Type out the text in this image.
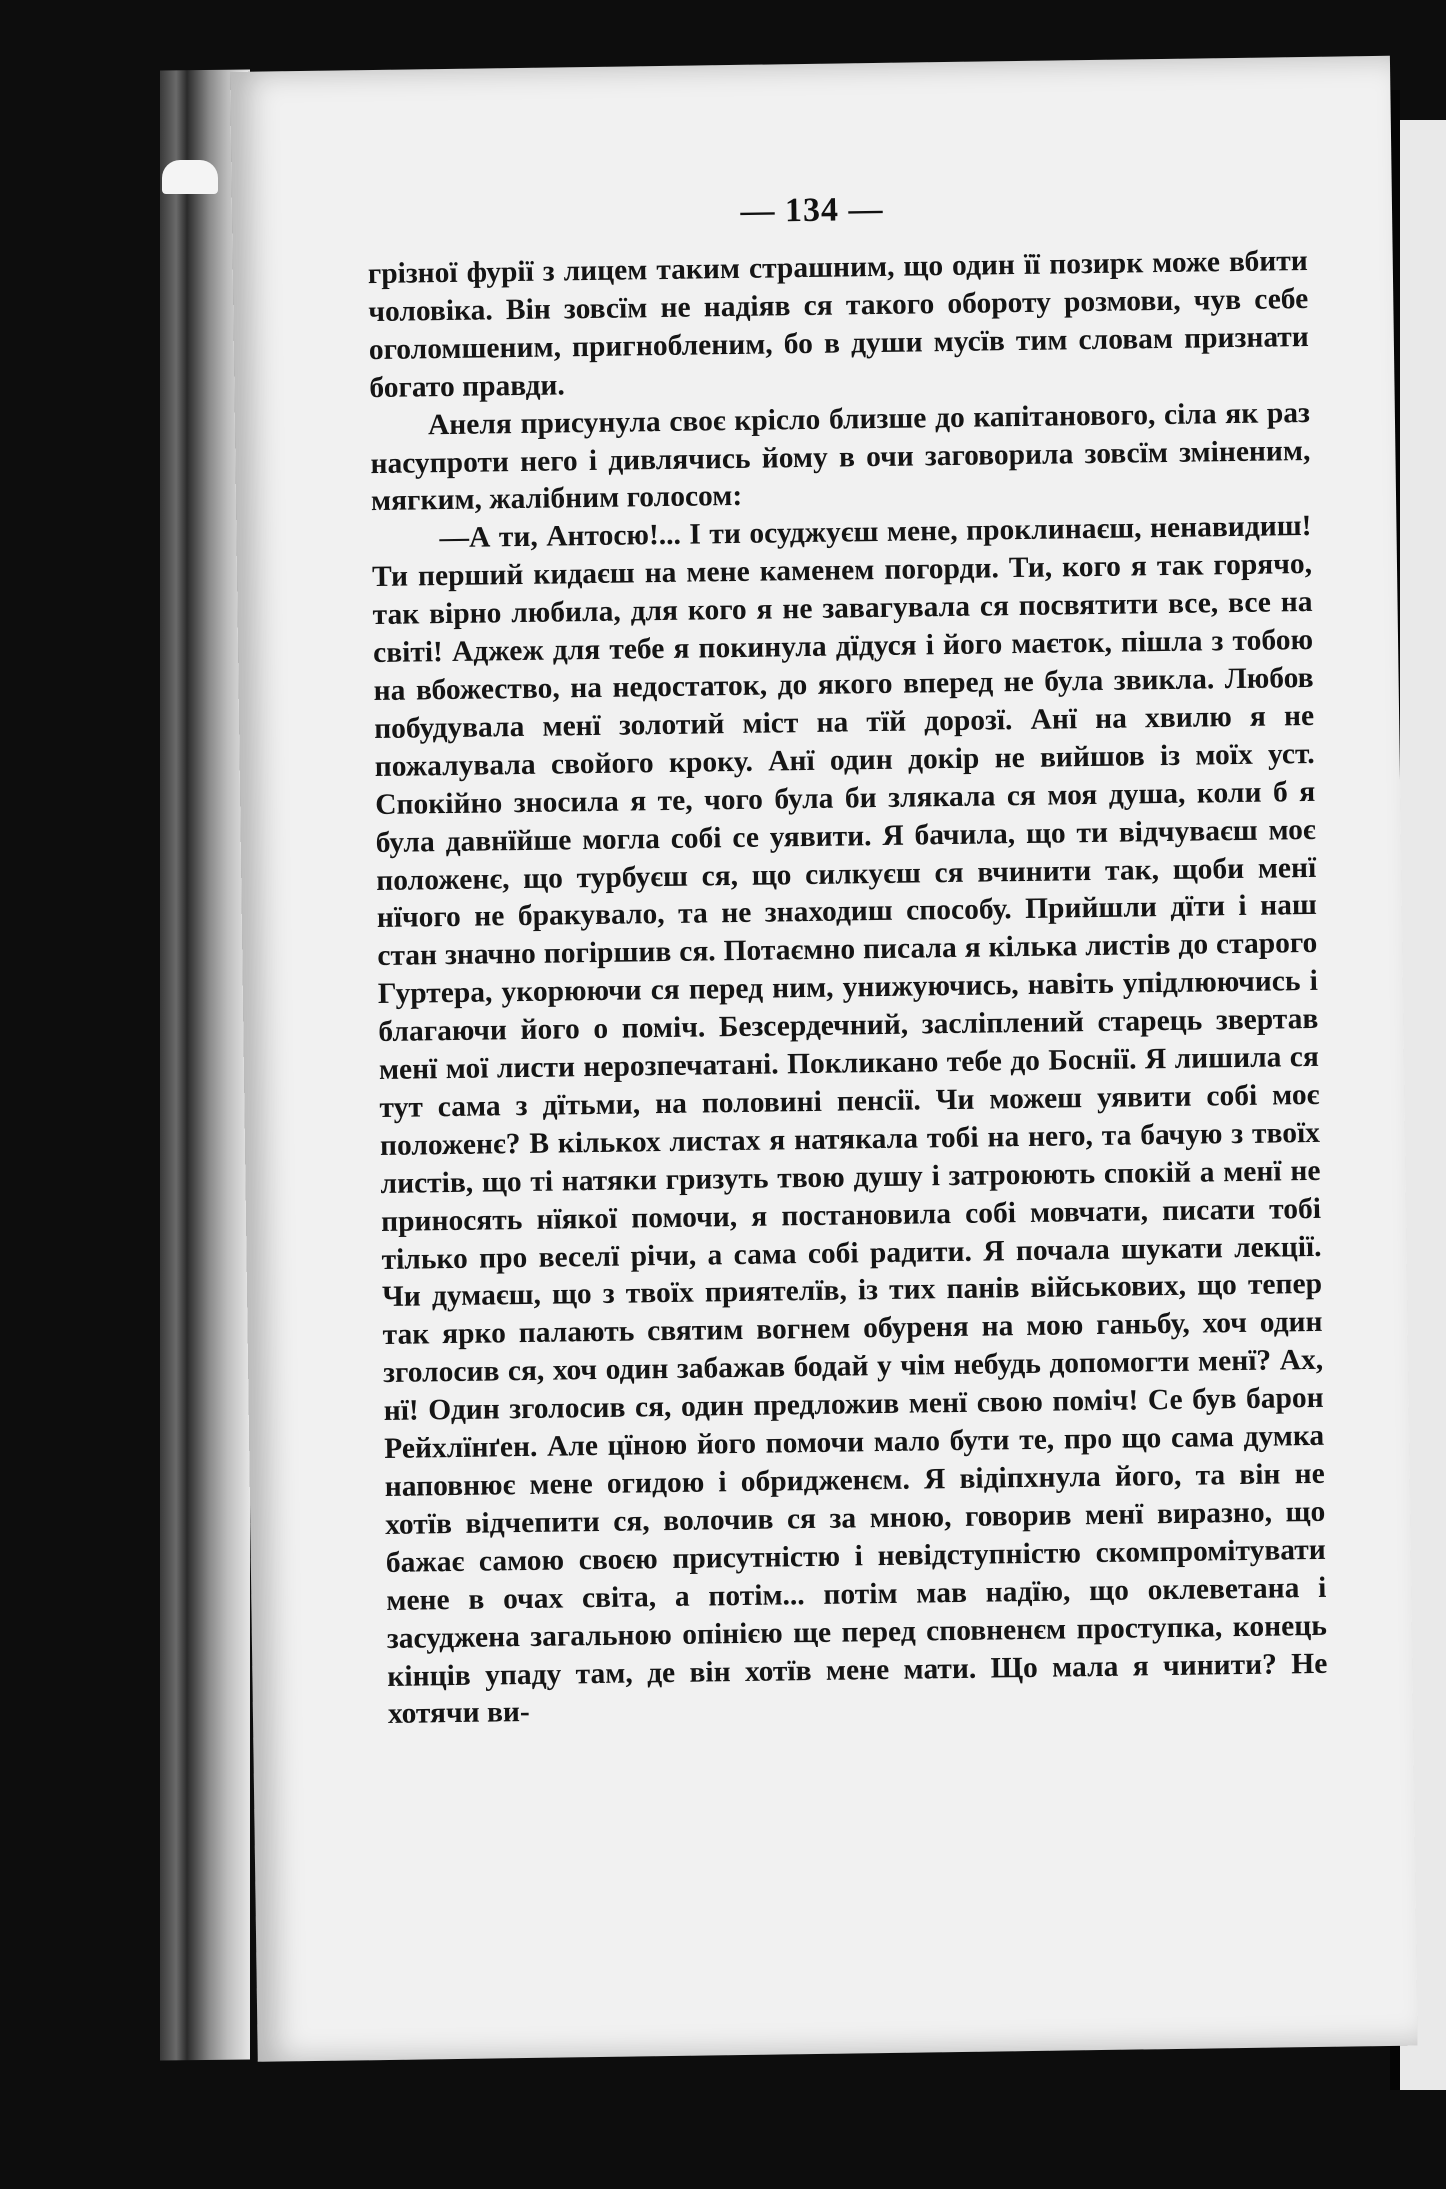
— 134 —

грізної фурії з лицем таким страшним, що один її позирк може вбити чоловіка. Він зовсїм не надіяв ся такого обороту розмови, чув себе оголомшеним, пригнобленим, бо в души мусїв тим словам признати богато правди.

Анеля присунула своє крісло близше до капітанового, сіла як раз насупроти него і дивлячись йому в очи заговорила зовсїм зміненим, мягким, жалібним голосом:

—А ти, Антосю!... І ти осуджуєш мене, проклинаєш, ненавидиш! Ти перший кидаєш на мене каменем погорди. Ти, кого я так горячо, так вірно любила, для кого я не завагувала ся посвятити все, все на світі! Аджеж для тебе я покинула дїдуся і його маєток, пішла з тобою на вбожество, на недостаток, до якого вперед не була звикла. Любов побудувала менї золотий міст на тїй дорозї. Анї на хвилю я не пожалувала свойого кроку. Анї один докір не вийшов із моїх уст. Спокійно зносила я те, чого була би злякала ся моя душа, коли б я була давнїйше могла собі се уявити. Я бачила, що ти відчуваєш моє положенє, що турбуєш ся, що силкуєш ся вчинити так, щоби менї нїчого не бракувало, та не знаходиш способу. Прийшли дїти і наш стан значно погіршив ся. Потаємно писала я кілька листів до старого Гуртера, укорюючи ся перед ним, унижуючись, навіть упідлюючись і благаючи його о поміч. Безсердечний, засліплений старець звертав менї мої листи нерозпечатані. Покликано тебе до Боснії. Я лишила ся тут сама з дїтьми, на половині пенсії. Чи можеш уявити собі моє положенє? В кількох листах я натякала тобі на него, та бачую з твоїх листів, що ті натяки гризуть твою душу і затроюють спокій а менї не приносять нїякої помочи, я постановила собі мовчати, писати тобі тілько про веселї річи, а сама собі радити. Я почала шукати лекції. Чи думаєш, що з твоїх приятелїв, із тих панів військових, що тепер так ярко палають святим вогнем обуреня на мою ганьбу, хоч один зголосив ся, хоч один забажав бодай у чім небудь допомогти менї? Ах, нї! Один зголосив ся, один предложив менї свою поміч! Се був барон Рейхлїнґен. Але цїною його помочи мало бути те, про що сама думка наповнює мене огидою і обридженєм. Я відіпхнула його, та він не хотїв відчепити ся, волочив ся за мною, говорив менї виразно, що бажає самою своєю присутністю і невідступністю скомпромітувати мене в очах світа, а потім... потім мав надїю, що оклеветана і засуджена загальною опінією ще перед сповненєм проступка, конець кінців упаду там, де він хотїв мене мати. Що мала я чинити? Не хотячи ви-
